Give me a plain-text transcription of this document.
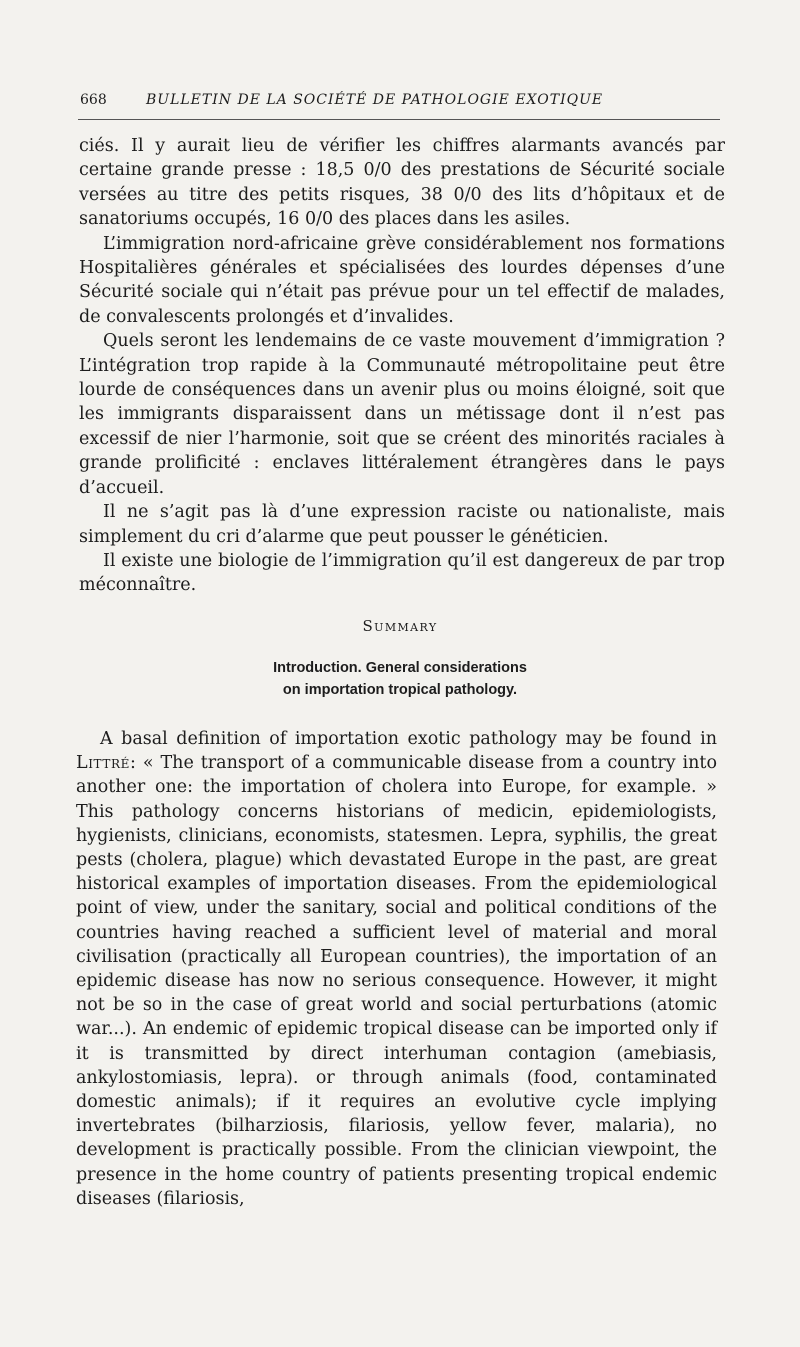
668	BULLETIN DE LA SOCIÉTÉ DE PATHOLOGIE EXOTIQUE

ciés. Il y aurait lieu de vérifier les chiffres alarmants avancés par certaine grande presse : 18,5 0/0 des prestations de Sécurité sociale versées au titre des petits risques, 38 0/0 des lits d’hôpitaux et de sanatoriums occupés, 16 0/0 des places dans les asiles.

L’immigration nord-africaine grève considérablement nos formations Hospitalières générales et spécialisées des lourdes dépenses d’une Sécurité sociale qui n’était pas prévue pour un tel effectif de malades, de convalescents prolongés et d’invalides.

Quels seront les lendemains de ce vaste mouvement d’immigration ? L’intégration trop rapide à la Communauté métropolitaine peut être lourde de conséquences dans un avenir plus ou moins éloigné, soit que les immigrants disparaissent dans un métissage dont il n’est pas excessif de nier l’harmonie, soit que se créent des minorités raciales à grande prolificité : enclaves littéralement étrangères dans le pays d’accueil.

Il ne s’agit pas là d’une expression raciste ou nationaliste, mais simplement du cri d’alarme que peut pousser le généticien.

Il existe une biologie de l’immigration qu’il est dangereux de par trop méconnaître.

Summary
Introduction. General considerations
on importation tropical pathology.

A basal definition of importation exotic pathology may be found in Littré: « The transport of a communicable disease from a country into another one: the importation of cholera into Europe, for example. » This pathology concerns historians of medicin, epidemiologists, hygienists, clinicians, economists, statesmen. Lepra, syphilis, the great pests (cholera, plague) which devastated Europe in the past, are great historical examples of importation diseases. From the epidemiological point of view, under the sanitary, social and political conditions of the countries having reached a sufficient level of material and moral civilisation (practically all European countries), the importation of an epidemic disease has now no serious consequence. However, it might not be so in the case of great world and social perturbations (atomic war...). An endemic of epidemic tropical disease can be imported only if it is transmitted by direct interhuman contagion (amebiasis, ankylostomiasis, lepra). or through animals (food, contaminated domestic animals); if it requires an evolutive cycle implying invertebrates (bilharziosis, filariosis, yellow fever, malaria), no development is practically possible. From the clinician viewpoint, the presence in the home country of patients presenting tropical endemic diseases (filariosis,
